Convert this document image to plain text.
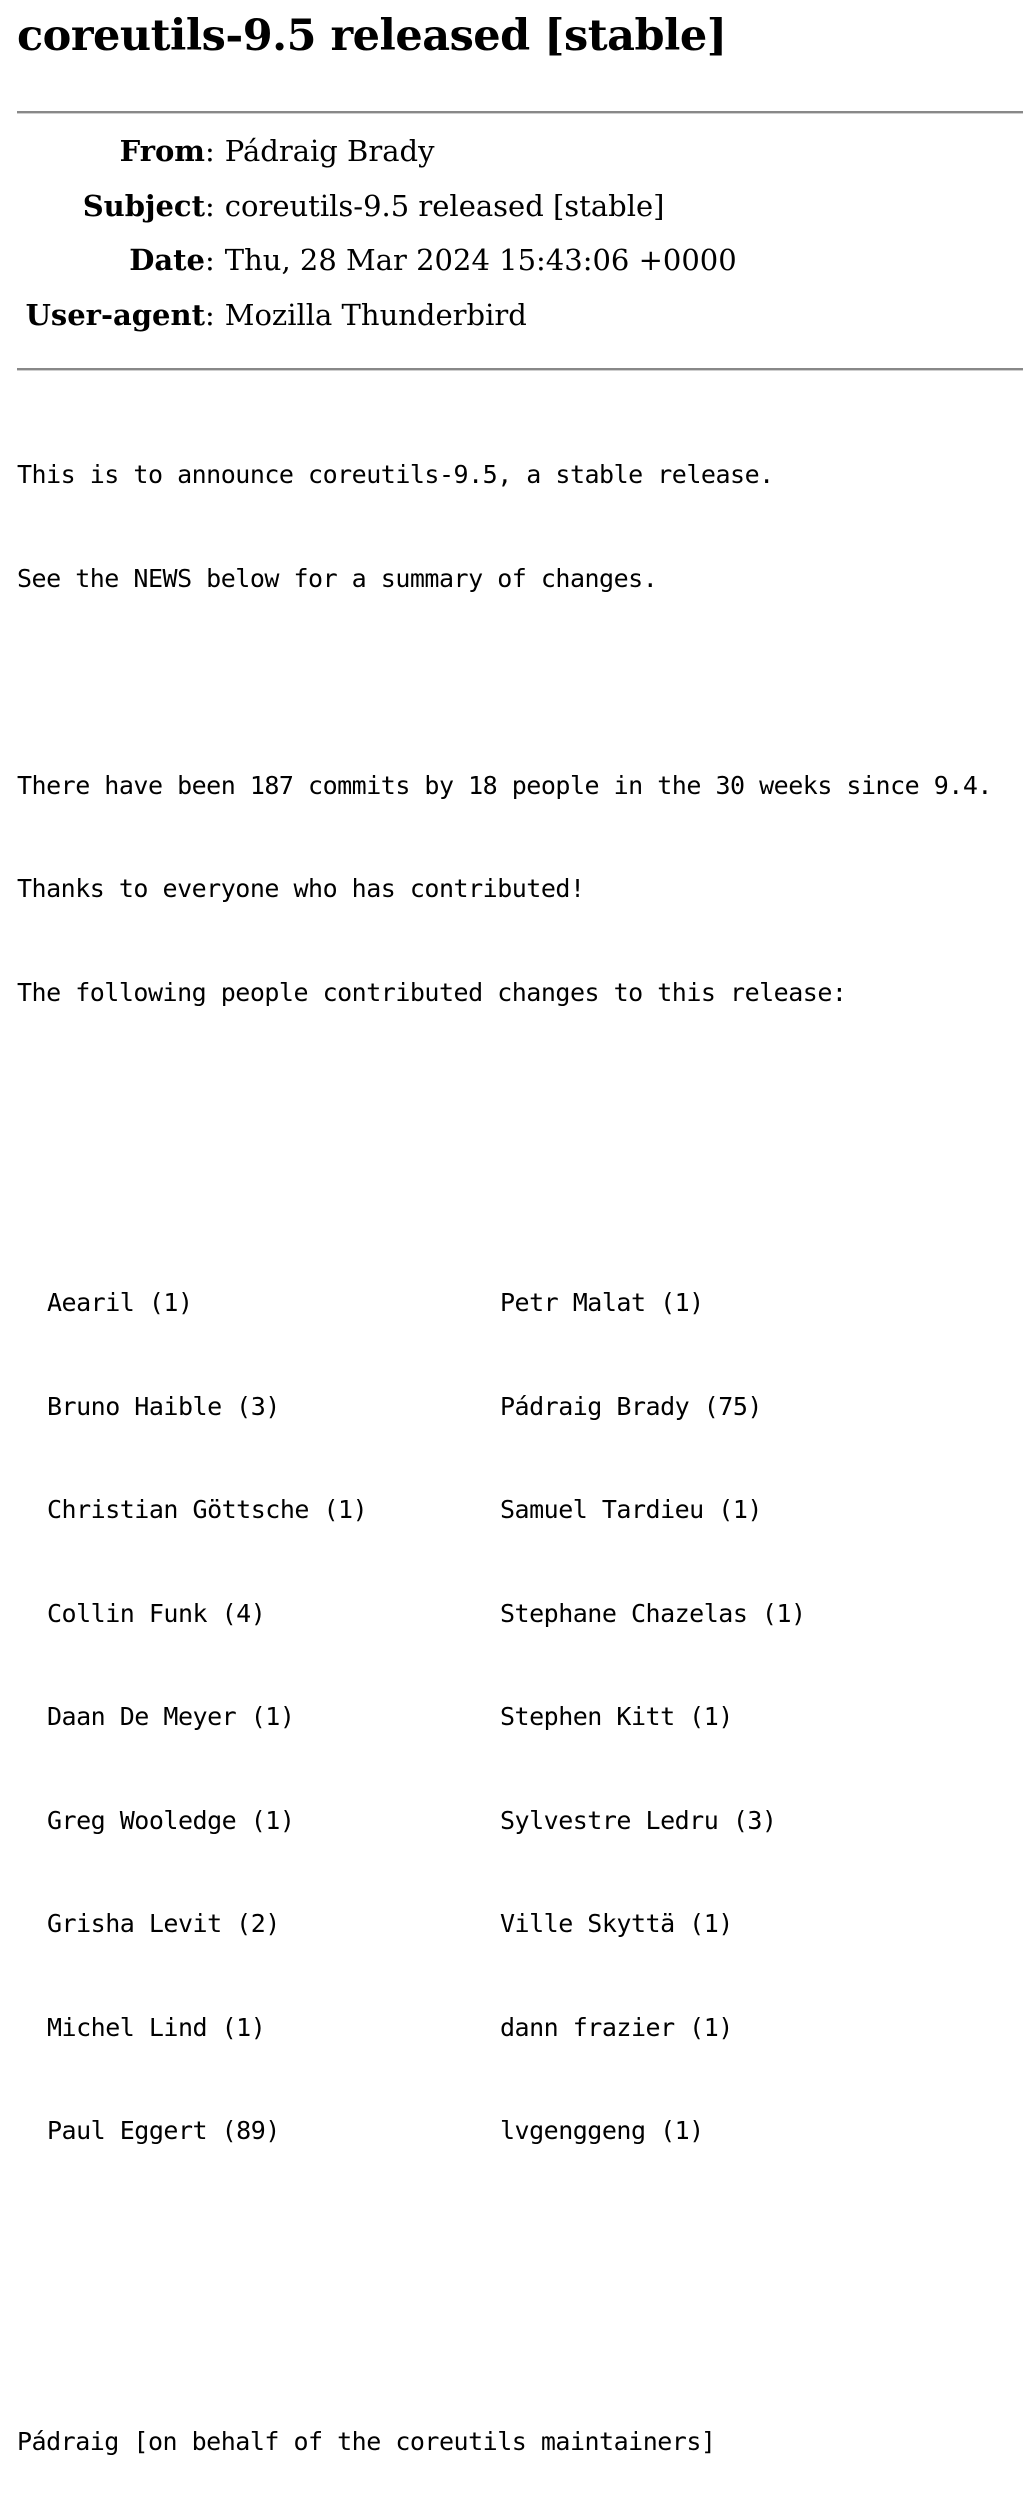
coreutils-9.5 released [stable]
From : Pádraig Brady
Subject : coreutils-9.5 released [stable]
Date : Thu, 28 Mar 2024 15:43:06 +0000
User-agent : Mozilla Thunderbird

This is to announce coreutils-9.5, a stable release.

See the NEWS below for a summary of changes.

There have been 187 commits by 18 people in the 30 weeks since 9.4.

Thanks to everyone who has contributed!

The following people contributed changes to this release:

Aearil (1)	Petr Malat (1)

Bruno Haible (3)	Pádraig Brady (75)

Christian Göttsche (1)	Samuel Tardieu (1)

Collin Funk (4)	Stephane Chazelas (1)

Daan De Meyer (1)	Stephen Kitt (1)

Greg Wooledge (1)	Sylvestre Ledru (3)

Grisha Levit (2)	Ville Skyttä (1)

Michel Lind (1)	dann frazier (1)

Paul Eggert (89)	lvgenggeng (1)

Pádraig [on behalf of the coreutils maintainers]
